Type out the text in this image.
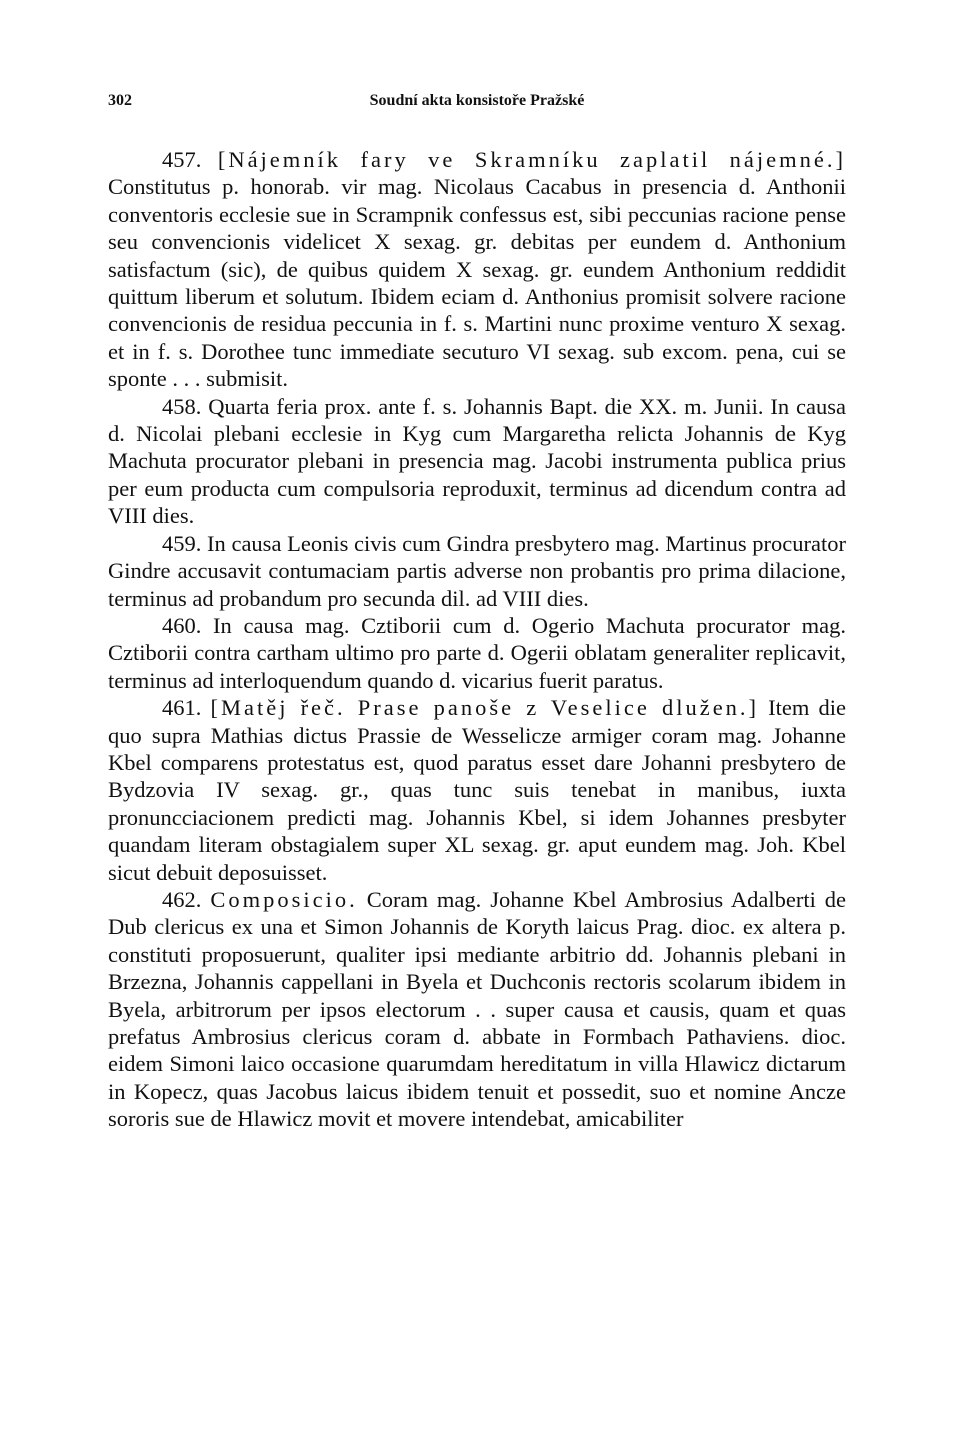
302	Soudní akta konsistoře Pražské

457. [Nájemník fary ve Skramníku zaplatil nájemné.] Constitutus p. honorab. vir mag. Nicolaus Cacabus in presencia d. Anthonii conventoris ecclesie sue in Scrampnik confessus est, sibi peccunias racione pense seu convencionis videlicet X sexag. gr. debitas per eundem d. Anthonium satisfactum (sic), de quibus quidem X sexag. gr. eundem Anthonium reddidit quittum liberum et solutum. Ibidem eciam d. Anthonius promisit solvere racione convencionis de residua peccunia in f. s. Martini nunc proxime venturo X sexag. et in f. s. Dorothee tunc immediate secuturo VI sexag. sub excom. pena, cui se sponte . . . submisit.

458. Quarta feria prox. ante f. s. Johannis Bapt. die XX. m. Junii. In causa d. Nicolai plebani ecclesie in Kyg cum Margaretha relicta Johannis de Kyg Machuta procurator plebani in presencia mag. Jacobi instrumenta publica prius per eum producta cum compulsoria reproduxit, terminus ad dicendum contra ad VIII dies.

459. In causa Leonis civis cum Gindra presbytero mag. Martinus procurator Gindre accusavit contumaciam partis adverse non probantis pro prima dilacione, terminus ad probandum pro secunda dil. ad VIII dies.

460. In causa mag. Cztiborii cum d. Ogerio Machuta procurator mag. Cztiborii contra cartham ultimo pro parte d. Ogerii oblatam generaliter replicavit, terminus ad interloquendum quando d. vicarius fuerit paratus.

461. [Matěj řeč. Prase panoše z Veselice dlužen.] Item die quo supra Mathias dictus Prassie de Wesselicze armiger coram mag. Johanne Kbel comparens protestatus est, quod paratus esset dare Johanni presbytero de Bydzovia IV sexag. gr., quas tunc suis tenebat in manibus, iuxta pronuncciacionem predicti mag. Johannis Kbel, si idem Johannes presbyter quandam literam obstagialem super XL sexag. gr. aput eundem mag. Joh. Kbel sicut debuit deposuisset.

462. Composicio. Coram mag. Johanne Kbel Ambrosius Adalberti de Dub clericus ex una et Simon Johannis de Koryth laicus Prag. dioc. ex altera p. constituti proposuerunt, qualiter ipsi mediante arbitrio dd. Johannis plebani in Brzezna, Johannis cappellani in Byela et Duchconis rectoris scolarum ibidem in Byela, arbitrorum per ipsos electorum . . super causa et causis, quam et quas prefatus Ambrosius clericus coram d. abbate in Formbach Pathaviens. dioc. eidem Simoni laico occasione quarumdam hereditatum in villa Hlawicz dictarum in Kopecz, quas Jacobus laicus ibidem tenuit et possedit, suo et nomine Ancze sororis sue de Hlawicz movit et movere intendebat, amicabiliter
